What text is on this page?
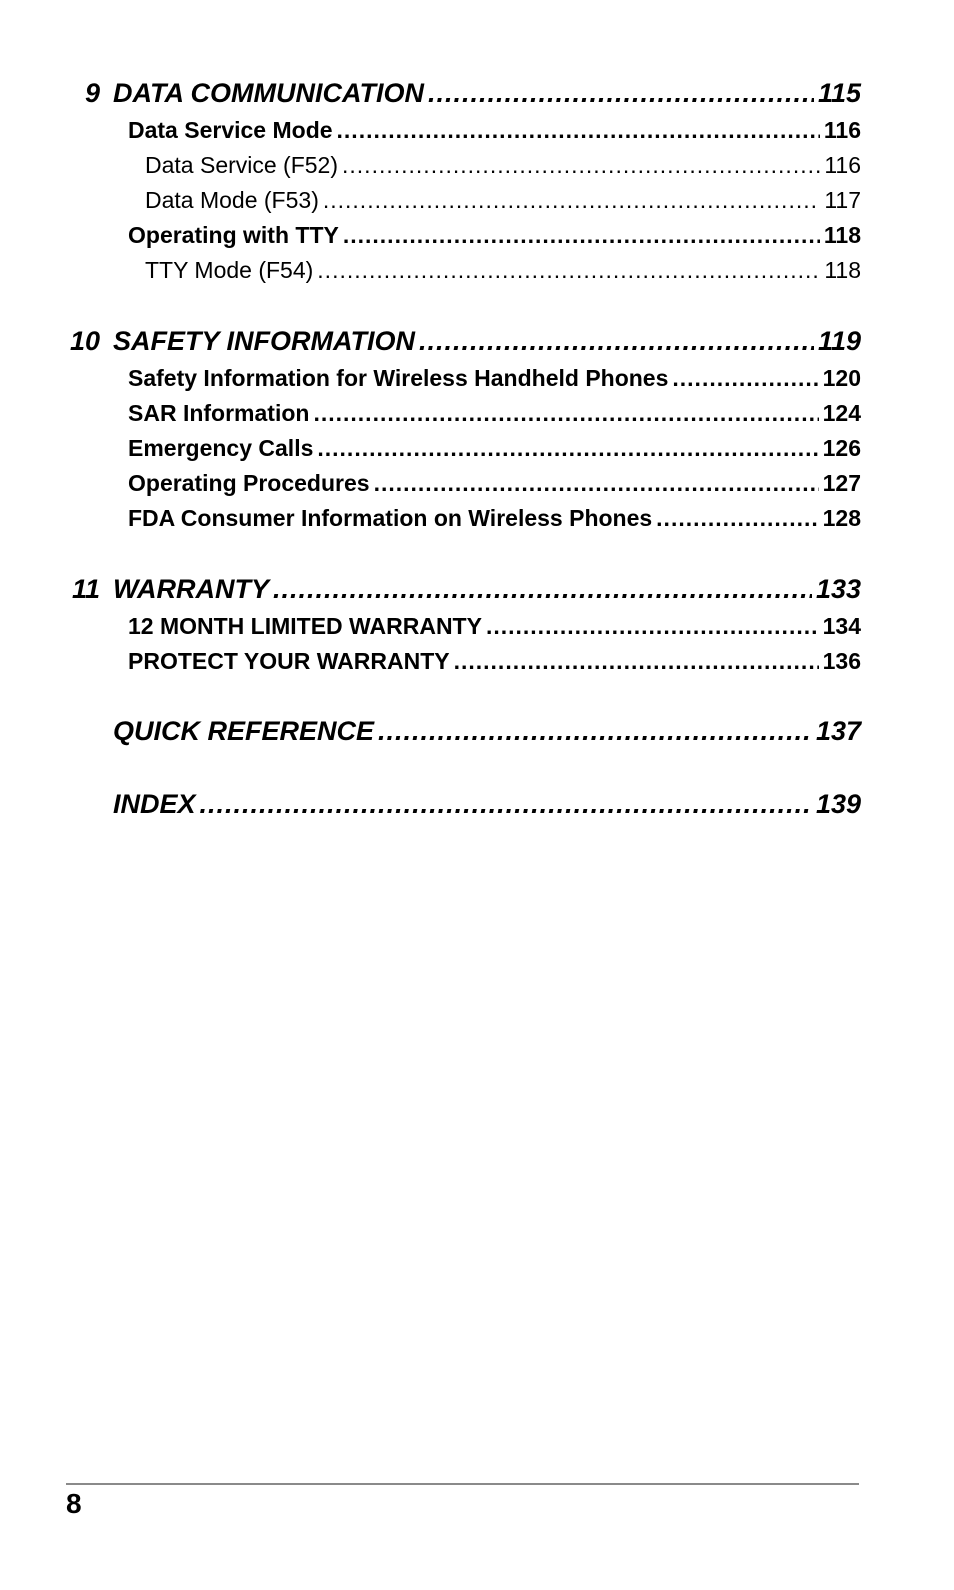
9 DATA COMMUNICATION .....	115
Data Service Mode .....	116
Data Service (F52) .....	116
Data Mode (F53) .....	117
Operating with TTY .....	118
TTY Mode (F54) .....	118
10 SAFETY INFORMATION .....	119
Safety Information for Wireless Handheld Phones .....	120
SAR Information .....	124
Emergency Calls .....	126
Operating Procedures .....	127
FDA Consumer Information on Wireless Phones .....	128
11 WARRANTY .....	133
12 MONTH LIMITED WARRANTY .....	134
PROTECT YOUR WARRANTY .....	136
QUICK REFERENCE .....	137
INDEX .....	139
8
